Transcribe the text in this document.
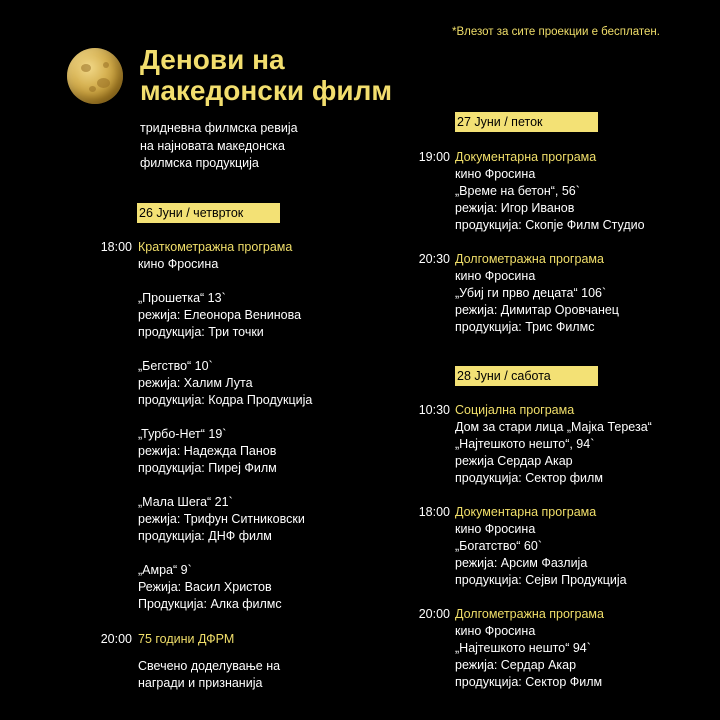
*Влезот за сите проекции е бесплатен.
Денови на
македонски филм
тридневна филмска ревија
на најновата македонска
филмска продукција
26 Јуни / четврток
27 Јуни / петок
28 Јуни / сабота
18:00 Краткометражна програма
кино Фросина
„Прошетка“ 13`
режија: Елеонора Венинова
продукција: Три точки
„Бегство“ 10`
режија: Халим Лута
продукција: Кодра Продукција
„Турбо-Нет“ 19`
режија: Надежда Панов
продукција: Пиреј Филм
„Мала Шега“ 21`
режија: Трифун Ситниковски
продукција: ДНФ филм
„Амра“ 9`
Режија: Васил Христов
Продукција: Алка филмс
20:00 75 години ДФРМ
Свечено доделување на
награди и признанија
19:00 Документарна програма
кино Фросина
„Време на бетон“, 56`
режија: Игор Иванов
продукција: Скопје Филм Студио
20:30 Долгометражна програма
кино Фросина
„Убиј ги прво децата“ 106`
режија: Димитар Оровчанец
продукција: Трис Филмс
10:30 Социјална програма
Дом за стари лица „Мајка Тереза“
„Најтешкото нешто“, 94`
режија Сердар Акар
продукција: Сектор филм
18:00 Документарна програма
кино Фросина
„Богатство“ 60`
режија: Арсим Фазлија
продукција: Сејви Продукција
20:00 Долгометражна програма
кино Фросина
„Најтешкото нешто“ 94`
режија: Сердар Акар
продукција: Сектор Филм
